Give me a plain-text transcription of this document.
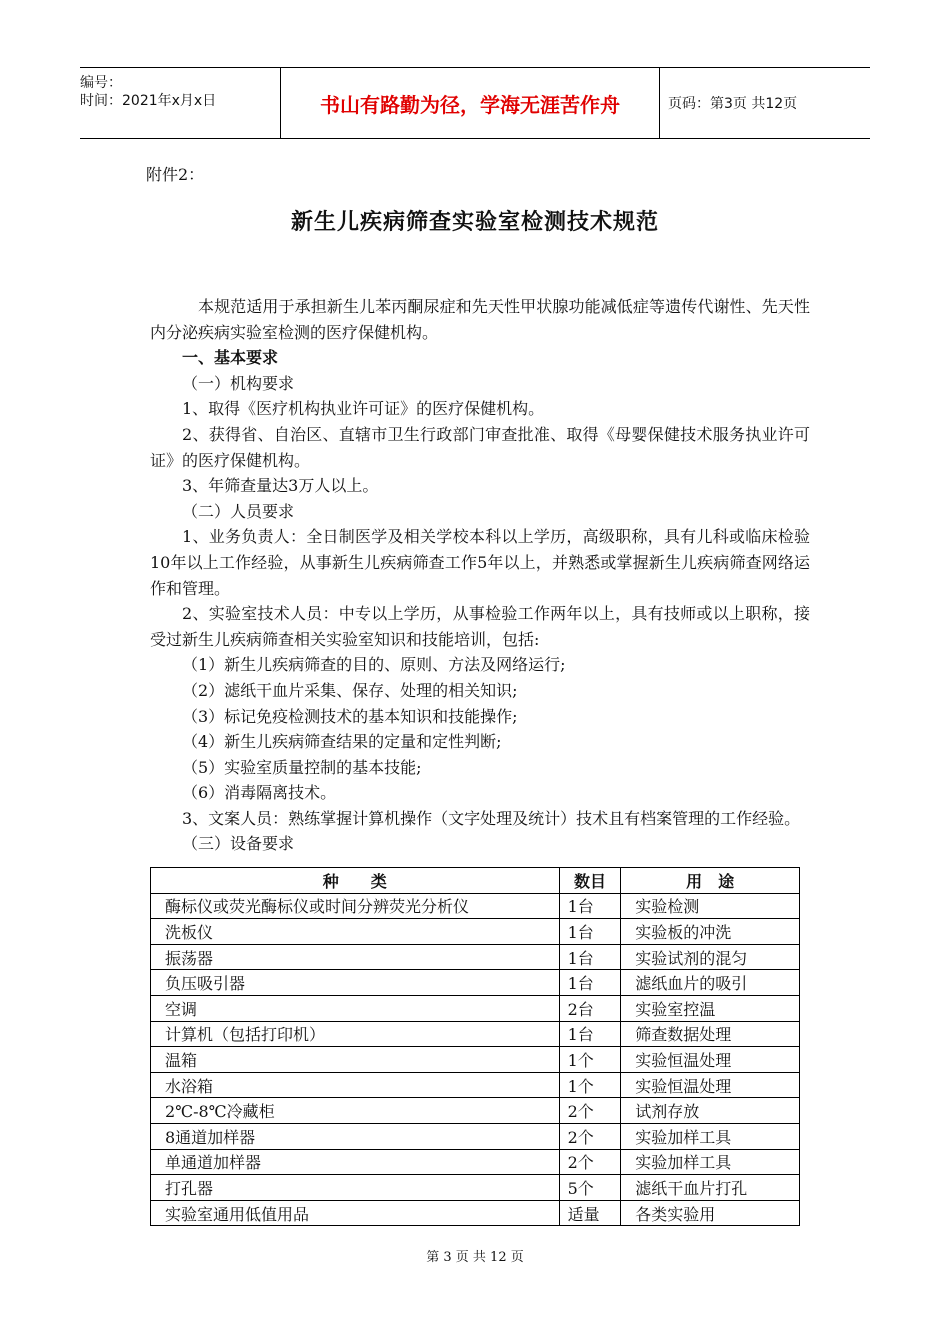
编号：
时间：2021年x月x日	书山有路勤为径，学海无涯苦作舟	页码：第3页 共12页
附件2：
新生儿疾病筛查实验室检测技术规范

本规范适用于承担新生儿苯丙酮尿症和先天性甲状腺功能减低症等遗传代谢性、先天性内分泌疾病实验室检测的医疗保健机构。

一、基本要求

（一）机构要求

1、取得《医疗机构执业许可证》的医疗保健机构。

2、获得省、自治区、直辖市卫生行政部门审查批准、取得《母婴保健技术服务执业许可证》的医疗保健机构。

3、年筛查量达3万人以上。

（二）人员要求

1、业务负责人：全日制医学及相关学校本科以上学历，高级职称，具有儿科或临床检验10年以上工作经验，从事新生儿疾病筛查工作5年以上，并熟悉或掌握新生儿疾病筛查网络运作和管理。

2、实验室技术人员：中专以上学历，从事检验工作两年以上，具有技师或以上职称，接受过新生儿疾病筛查相关实验室知识和技能培训，包括:

（1）新生儿疾病筛查的目的、原则、方法及网络运行;

（2）滤纸干血片采集、保存、处理的相关知识;

（3）标记免疫检测技术的基本知识和技能操作;

（4）新生儿疾病筛查结果的定量和定性判断;

（5）实验室质量控制的基本技能;

（6）消毒隔离技术。

3、文案人员：熟练掌握计算机操作（文字处理及统计）技术且有档案管理的工作经验。

（三）设备要求

种　　类	数目	用　途
酶标仪或荧光酶标仪或时间分辨荧光分析仪	1台	实验检测
洗板仪	1台	实验板的冲洗
振荡器	1台	实验试剂的混匀
负压吸引器	1台	滤纸血片的吸引
空调	2台	实验室控温
计算机（包括打印机）	1台	筛查数据处理
温箱	1个	实验恒温处理
水浴箱	1个	实验恒温处理
2℃-8℃冷藏柜	2个	试剂存放
8通道加样器	2个	实验加样工具
单通道加样器	2个	实验加样工具
打孔器	5个	滤纸干血片打孔
实验室通用低值用品	适量	各类实验用
第 3 页 共 12 页
